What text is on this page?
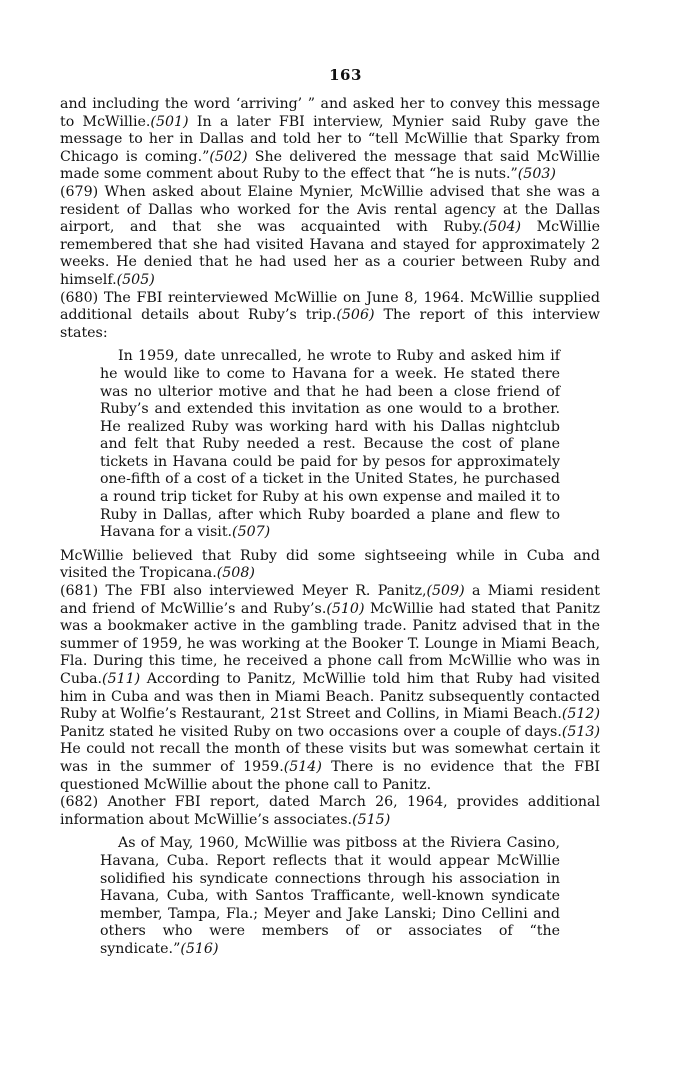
163

and including the word ‘arriving’ ” and asked her to convey this message to McWillie.(501) In a later FBI interview, Mynier said Ruby gave the message to her in Dallas and told her to “tell McWillie that Sparky from Chicago is coming.”(502) She delivered the message that said McWillie made some comment about Ruby to the effect that “he is nuts.”(503)

(679) When asked about Elaine Mynier, McWillie advised that she was a resident of Dallas who worked for the Avis rental agency at the Dallas airport, and that she was acquainted with Ruby.(504) McWillie remembered that she had visited Havana and stayed for approximately 2 weeks. He denied that he had used her as a courier between Ruby and himself.(505)

(680) The FBI reinterviewed McWillie on June 8, 1964. McWillie supplied additional details about Ruby’s trip.(506) The report of this interview states:

In 1959, date unrecalled, he wrote to Ruby and asked him if he would like to come to Havana for a week. He stated there was no ulterior motive and that he had been a close friend of Ruby’s and extended this invitation as one would to a brother. He realized Ruby was working hard with his Dallas nightclub and felt that Ruby needed a rest. Because the cost of plane tickets in Havana could be paid for by pesos for approximately one-fifth of a cost of a ticket in the United States, he purchased a round trip ticket for Ruby at his own expense and mailed it to Ruby in Dallas, after which Ruby boarded a plane and flew to Havana for a visit.(507)

McWillie believed that Ruby did some sightseeing while in Cuba and visited the Tropicana.(508)

(681) The FBI also interviewed Meyer R. Panitz,(509) a Miami resident and friend of McWillie’s and Ruby’s.(510) McWillie had stated that Panitz was a bookmaker active in the gambling trade. Panitz advised that in the summer of 1959, he was working at the Booker T. Lounge in Miami Beach, Fla. During this time, he received a phone call from McWillie who was in Cuba.(511) According to Panitz, McWillie told him that Ruby had visited him in Cuba and was then in Miami Beach. Panitz subsequently contacted Ruby at Wolfie’s Restaurant, 21st Street and Collins, in Miami Beach.(512) Panitz stated he visited Ruby on two occasions over a couple of days.(513) He could not recall the month of these visits but was somewhat certain it was in the summer of 1959.(514) There is no evidence that the FBI questioned McWillie about the phone call to Panitz.

(682) Another FBI report, dated March 26, 1964, provides additional information about McWillie’s associates.(515)

As of May, 1960, McWillie was pitboss at the Riviera Casino, Havana, Cuba. Report reflects that it would appear McWillie solidified his syndicate connections through his association in Havana, Cuba, with Santos Trafficante, well-known syndicate member, Tampa, Fla.; Meyer and Jake Lanski; Dino Cellini and others who were members of or associates of “the syndicate.”(516)
